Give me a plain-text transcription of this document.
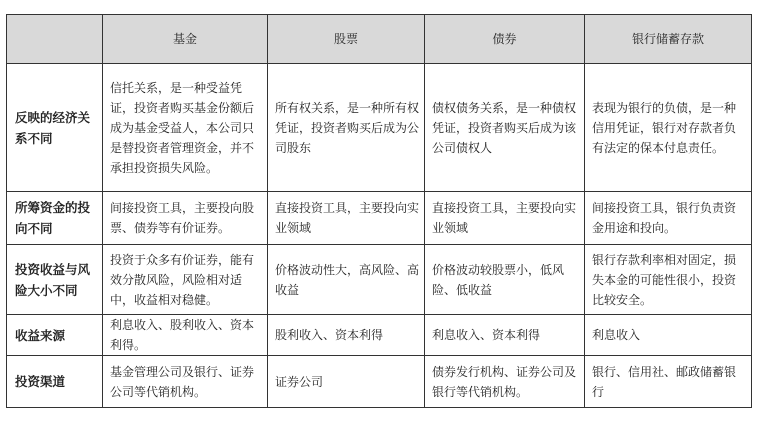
	基金	股票	债券	银行储蓄存款
反映的经济关系不同	信托关系，是一种受益凭证，投资者购买基金份额后成为基金受益人，本公司只是替投资者管理资金，并不承担投资损失风险。	所有权关系，是一种所有权凭证，投资者购买后成为公司股东	债权债务关系，是一种债权凭证，投资者购买后成为该公司债权人	表现为银行的负债，是一种信用凭证，银行对存款者负有法定的保本付息责任。
所筹资金的投向不同	间接投资工具，主要投向股票、债券等有价证券。	直接投资工具，主要投向实业领域	直接投资工具，主要投向实业领域	间接投资工具，银行负责资金用途和投向。
投资收益与风险大小不同	投资于众多有价证券，能有效分散风险，风险相对适中，收益相对稳健。	价格波动性大，高风险、高收益	价格波动较股票小，低风险、低收益	银行存款利率相对固定，损失本金的可能性很小，投资比较安全。
收益来源	利息收入、股利收入、资本利得。	股利收入、资本利得	利息收入、资本利得	利息收入
投资渠道	基金管理公司及银行、证券公司等代销机构。	证券公司	债券发行机构、证券公司及银行等代销机构。	银行、信用社、邮政储蓄银行
